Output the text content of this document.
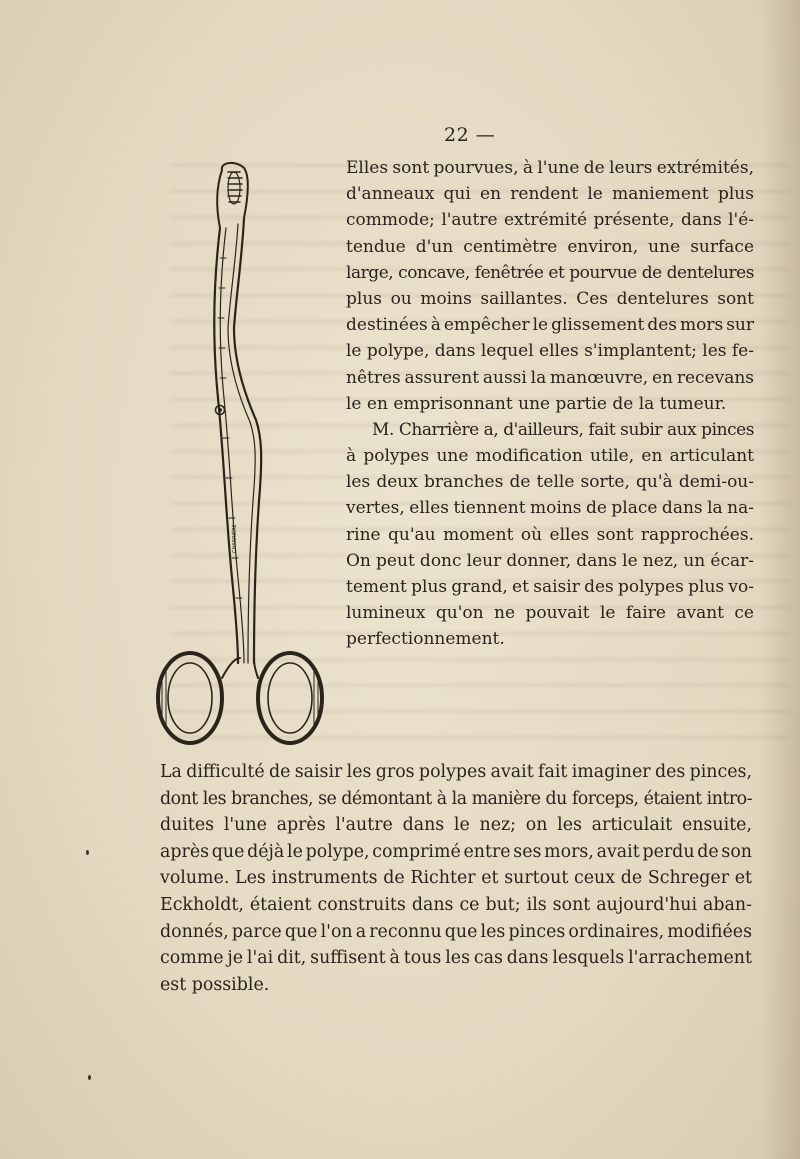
22 —
CHARRIÈRE
Elles sont pourvues, à l'une de leurs extrémités,
d'anneaux qui en rendent le maniement plus
commode; l'autre extrémité présente, dans l'é-
tendue d'un centimètre environ, une surface
large, concave, fenêtrée et pourvue de dentelures
plus ou moins saillantes. Ces dentelures sont
destinées à empêcher le glissement des mors sur
le polype, dans lequel elles s'implantent; les fe-
nêtres assurent aussi la manœuvre, en recevans
le en emprisonnant une partie de la tumeur.
M. Charrière a, d'ailleurs, fait subir aux pinces
à polypes une modification utile, en articulant
les deux branches de telle sorte, qu'à demi-ou-
vertes, elles tiennent moins de place dans la na-
rine qu'au moment où elles sont rapprochées.
On peut donc leur donner, dans le nez, un écar-
tement plus grand, et saisir des polypes plus vo-
lumineux qu'on ne pouvait le faire avant ce
perfectionnement.
La difficulté de saisir les gros polypes avait fait imaginer des pinces,
dont les branches, se démontant à la manière du forceps, étaient intro-
duites l'une après l'autre dans le nez; on les articulait ensuite,
après que déjà le polype, comprimé entre ses mors, avait perdu de son
volume. Les instruments de Richter et surtout ceux de Schreger et
Eckholdt, étaient construits dans ce but; ils sont aujourd'hui aban-
donnés, parce que l'on a reconnu que les pinces ordinaires, modifiées
comme je l'ai dit, suffisent à tous les cas dans lesquels l'arrachement
est possible.
